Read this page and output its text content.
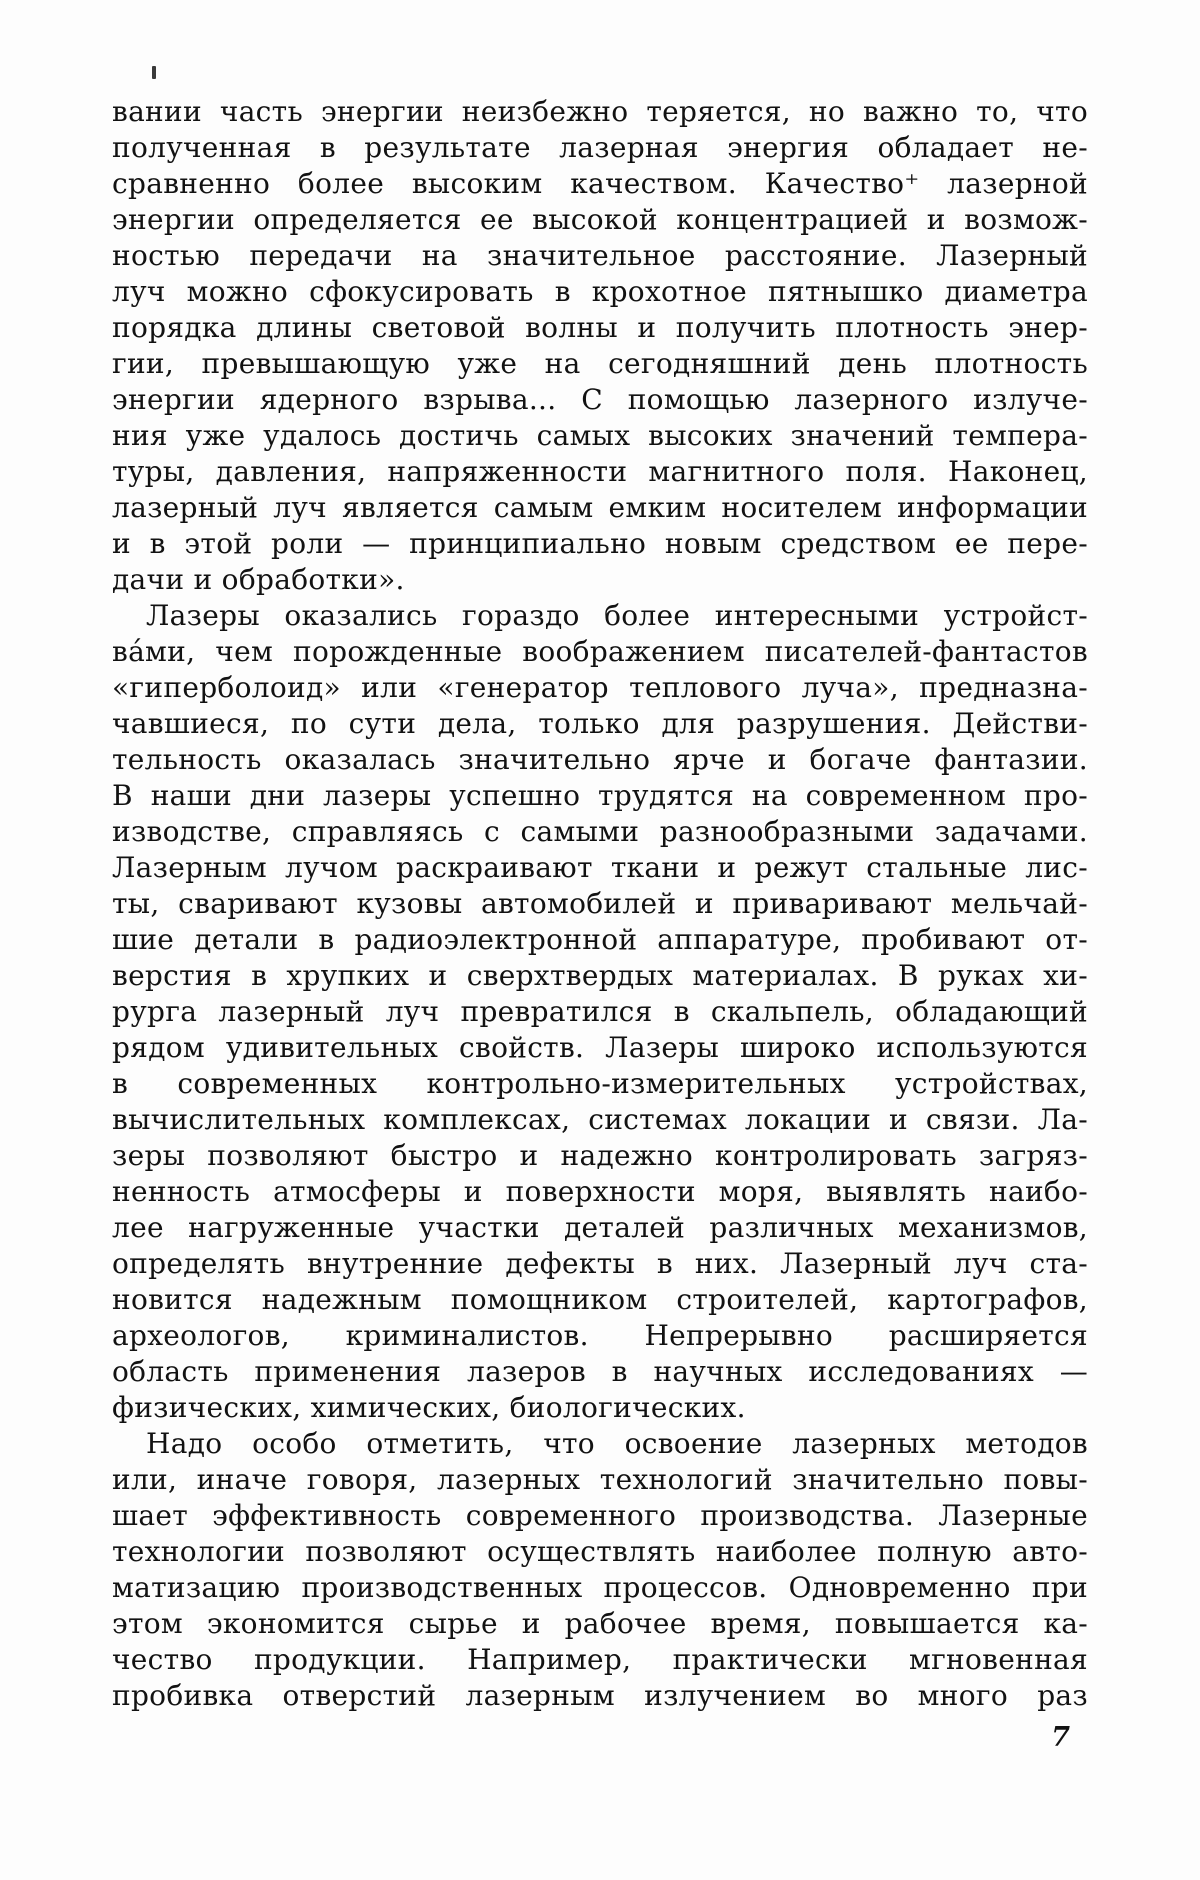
вании часть энергии неизбежно теряется, но важно то, что
полученная в результате лазерная энергия обладает не-
сравненно более высоким качеством. Качество⁺ лазерной
энергии определяется ее высокой концентрацией и возмож-
ностью передачи на значительное расстояние. Лазерный
луч можно сфокусировать в крохотное пятнышко диаметра
порядка длины световой волны и получить плотность энер-
гии, превышающую уже на сегодняшний день плотность
энергии ядерного взрыва... С помощью лазерного излуче-
ния уже удалось достичь самых высоких значений темпера-
туры, давления, напряженности магнитного поля. Наконец,
лазерный луч является самым емким носителем информации
и в этой роли — принципиально новым средством ее пере-
дачи и обработки».
Лазеры оказались гораздо более интересными устройст-
ва́ми, чем порожденные воображением писателей-фантастов
«гиперболоид» или «генератор теплового луча», предназна-
чавшиеся, по сути дела, только для разрушения. Действи-
тельность оказалась значительно ярче и богаче фантазии.
В наши дни лазеры успешно трудятся на современном про-
изводстве, справляясь с самыми разнообразными задачами.
Лазерным лучом раскраивают ткани и режут стальные лис-
ты, сваривают кузовы автомобилей и приваривают мельчай-
шие детали в радиоэлектронной аппаратуре, пробивают от-
верстия в хрупких и сверхтвердых материалах. В руках хи-
рурга лазерный луч превратился в скальпель, обладающий
рядом удивительных свойств. Лазеры широко используются
в современных контрольно-измерительных устройствах,
вычислительных комплексах, системах локации и связи. Ла-
зеры позволяют быстро и надежно контролировать загряз-
ненность атмосферы и поверхности моря, выявлять наибо-
лее нагруженные участки деталей различных механизмов,
определять внутренние дефекты в них. Лазерный луч ста-
новится надежным помощником строителей, картографов,
археологов, криминалистов. Непрерывно расширяется
область применения лазеров в научных исследованиях —
физических, химических, биологических.
Надо особо отметить, что освоение лазерных методов
или, иначе говоря, лазерных технологий значительно повы-
шает эффективность современного производства. Лазерные
технологии позволяют осуществлять наиболее полную авто-
матизацию производственных процессов. Одновременно при
этом экономится сырье и рабочее время, повышается ка-
чество продукции. Например, практически мгновенная
пробивка отверстий лазерным излучением во много раз
7
